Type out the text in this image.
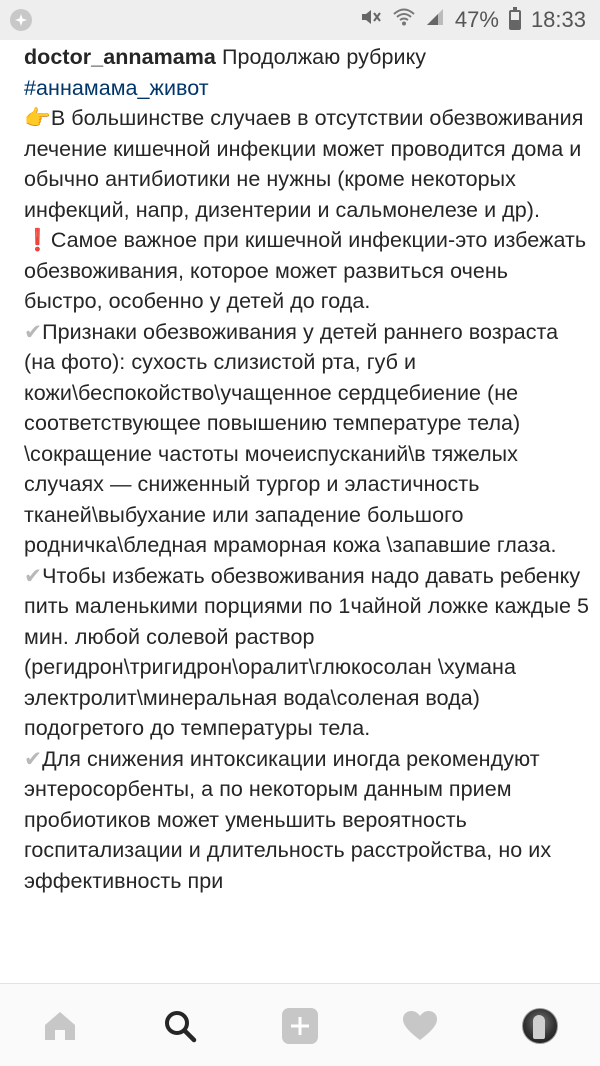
47% 18:33
doctor_annamama Продолжаю рубрику
#аннамама_живот
👉В большинстве случаев в отсутствии обезвоживания лечение кишечной инфекции может проводится дома и обычно антибиотики не нужны (кроме некоторых инфекций, напр, дизентерии и сальмонелезе и др).
❗Самое важное при кишечной инфекции-это избежать обезвоживания, которое может развиться очень быстро, особенно у детей до года.
✔Признаки обезвоживания у детей раннего возраста (на фото): сухость слизистой рта, губ и кожи\беспокойство\учащенное сердцебиение (не соответствующее повышению температуре тела) \сокращение частоты мочеиспусканий\в тяжелых случаях — сниженный тургор и эластичность тканей\выбухание или западение большого родничка\бледная мраморная кожа \запавшие глаза.
✔Чтобы избежать обезвоживания надо давать ребенку пить маленькими порциями по 1чайной ложке каждые 5 мин. любой солевой раствор (регидрон\тригидрон\оралит\глюкосолан \хумана электролит\минеральная вода\соленая вода) подогретого до температуры тела.
✔Для снижения интоксикации иногда рекомендуют энтеросорбенты, а по некоторым данным прием пробиотиков может уменьшить вероятность госпитализации и длительность расстройства, но их эффективность при
